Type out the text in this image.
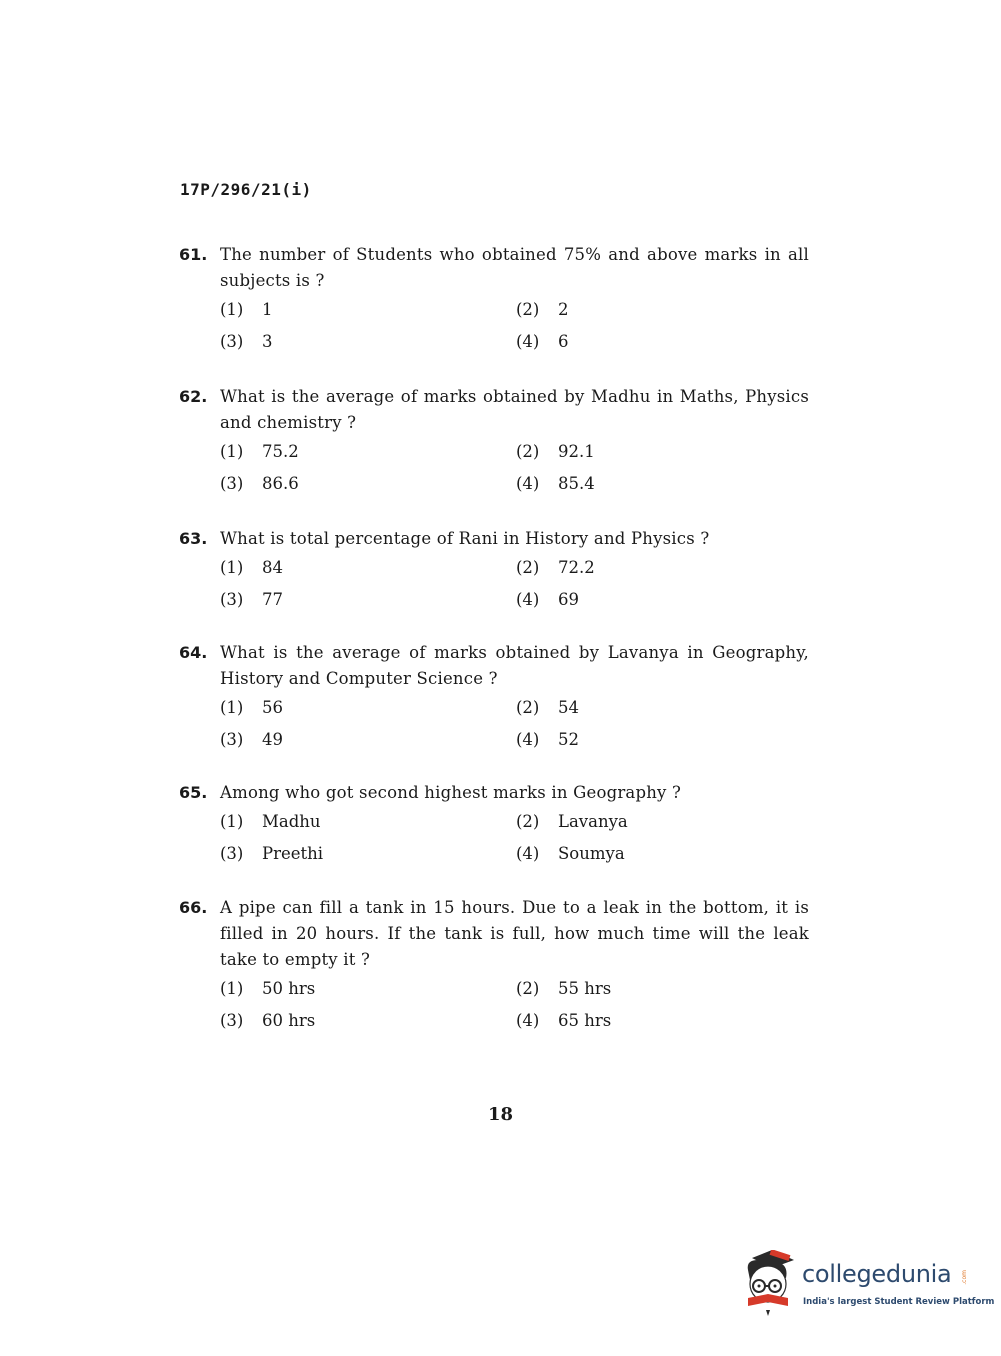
17P/296/21(i)
61. The number of Students who obtained 75% and above marks in all subjects is ?
(1)	1	(2)	2
(3)	3	(4)	6
62. What is the average of marks obtained by Madhu in Maths, Physics and chemistry ?
(1)	75.2	(2)	92.1
(3)	86.6	(4)	85.4
63. What is total percentage of Rani in History and Physics ?
(1)	84	(2)	72.2
(3)	77	(4)	69
64. What is the average of marks obtained by Lavanya in Geography, History and Computer Science ?
(1)	56	(2)	54
(3)	49	(4)	52
65. Among who got second highest marks in Geography ?
(1)	Madhu	(2)	Lavanya
(3)	Preethi	(4)	Soumya
66. A pipe can fill a tank in 15 hours. Due to a leak in the bottom, it is filled in 20 hours. If the tank is full, how much time will the leak take to empty it ?
(1)	50 hrs	(2)	55 hrs
(3)	60 hrs	(4)	65 hrs
18
collegedunia .com
India's largest Student Review Platform
